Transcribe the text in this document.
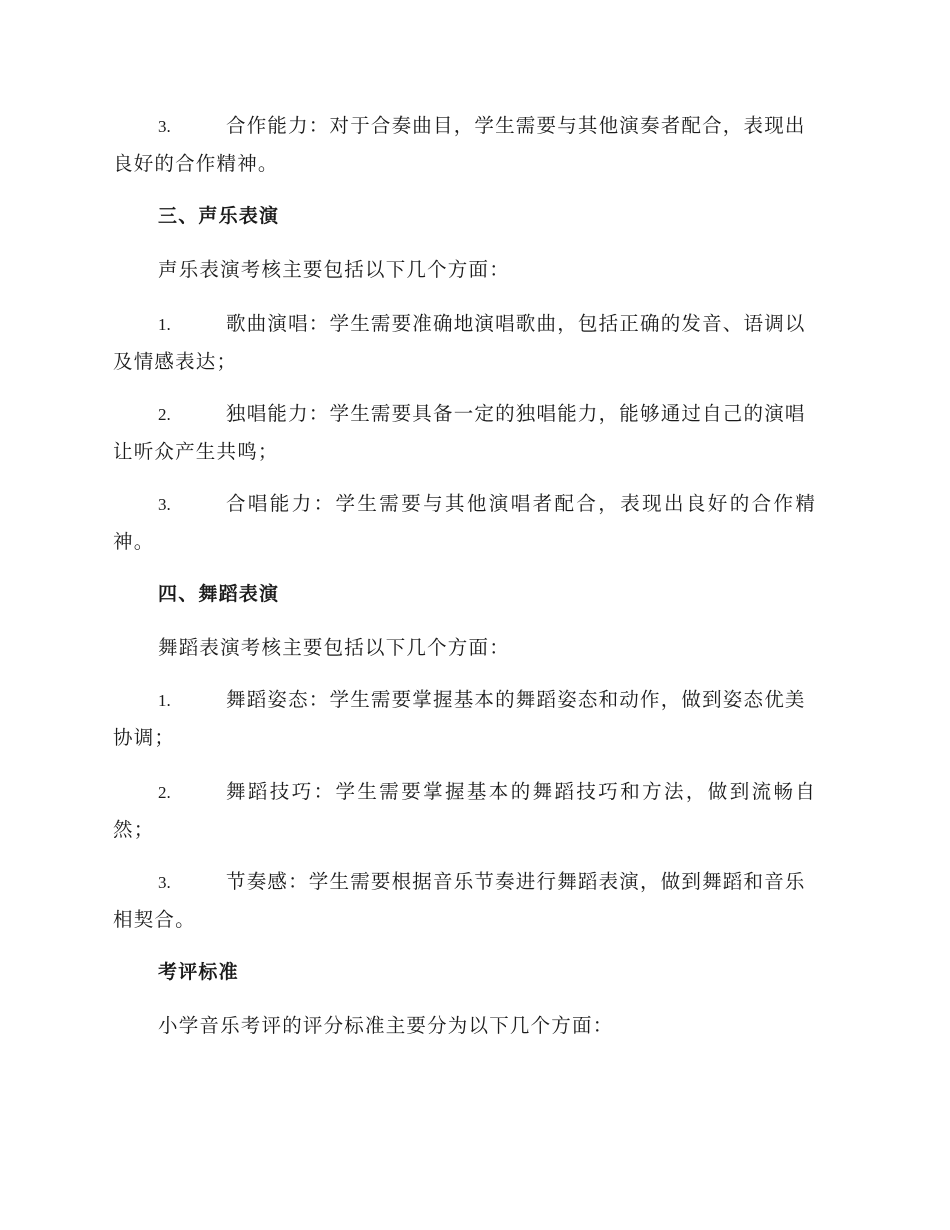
3.	合作能力：对于合奏曲目，学生需要与其他演奏者配合，表现出
良好的合作精神。
三、声乐表演
声乐表演考核主要包括以下几个方面：
1.	歌曲演唱：学生需要准确地演唱歌曲，包括正确的发音、语调以
及情感表达；
2.	独唱能力：学生需要具备一定的独唱能力，能够通过自己的演唱
让听众产生共鸣；
3.	合唱能力：学生需要与其他演唱者配合，表现出良好的合作精
神。
四、舞蹈表演
舞蹈表演考核主要包括以下几个方面：
1.	舞蹈姿态：学生需要掌握基本的舞蹈姿态和动作，做到姿态优美
协调；
2.	舞蹈技巧：学生需要掌握基本的舞蹈技巧和方法，做到流畅自
然；
3.	节奏感：学生需要根据音乐节奏进行舞蹈表演，做到舞蹈和音乐
相契合。
考评标准
小学音乐考评的评分标准主要分为以下几个方面：
